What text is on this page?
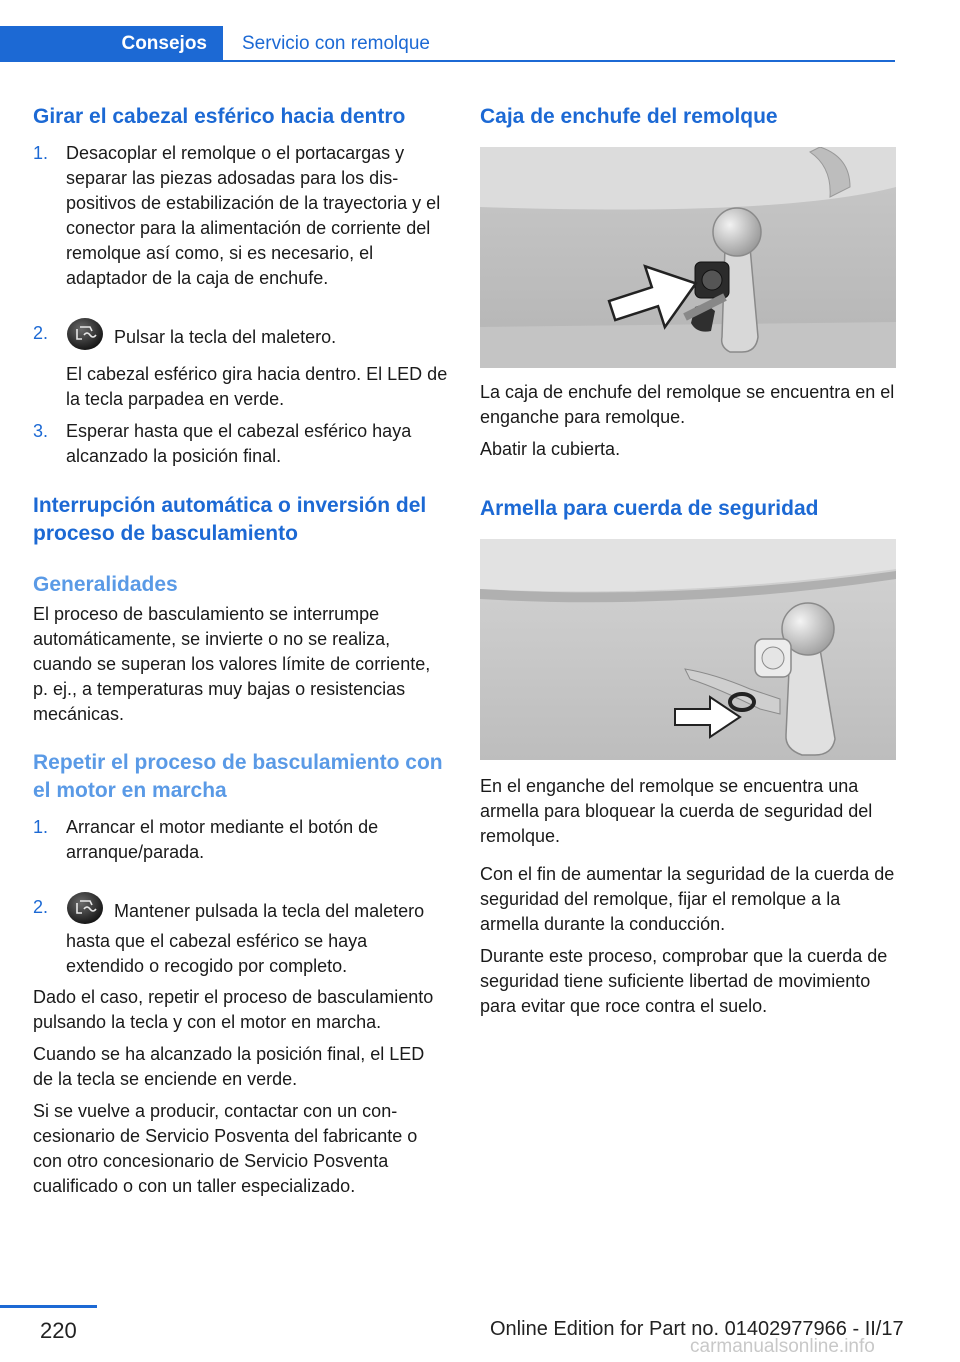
Consejos	Servicio con remolque
Girar el cabezal esférico hacia dentro
1. Desacoplar el remolque o el portacargas y separar las piezas adosadas para los dispositivos de estabilización de la trayectoria y el conector para la alimentación de corriente del remolque así como, si es necesario, el adaptador de la caja de enchufe.
2.	Pulsar la tecla del maletero.
El cabezal esférico gira hacia dentro. El LED de la tecla parpadea en verde.
3. Esperar hasta que el cabezal esférico haya alcanzado la posición final.
Interrupción automática o inversión del proceso de basculamiento
Generalidades
El proceso de basculamiento se interrumpe automáticamente, se invierte o no se realiza, cuando se superan los valores límite de corriente, p. ej., a temperaturas muy bajas o resistencias mecánicas.
Repetir el proceso de basculamiento con el motor en marcha
1. Arrancar el motor mediante el botón de arranque/parada.
2.	Mantener pulsada la tecla del maletero hasta que el cabezal esférico se haya extendido o recogido por completo.
Dado el caso, repetir el proceso de basculamiento pulsando la tecla y con el motor en marcha.
Cuando se ha alcanzado la posición final, el LED de la tecla se enciende en verde.
Si se vuelve a producir, contactar con un concesionario de Servicio Posventa del fabricante o con otro concesionario de Servicio Posventa cualificado o con un taller especializado.
Caja de enchufe del remolque
La caja de enchufe del remolque se encuentra en el enganche para remolque.
Abatir la cubierta.
Armella para cuerda de seguridad
En el enganche del remolque se encuentra una armella para bloquear la cuerda de seguridad del remolque.
Con el fin de aumentar la seguridad de la cuerda de seguridad del remolque, fijar el remolque a la armella durante la conducción.
Durante este proceso, comprobar que la cuerda de seguridad tiene suficiente libertad de movimiento para evitar que roce contra el suelo.
220	Online Edition for Part no. 01402977966 - II/17
carmanualsonline.info
